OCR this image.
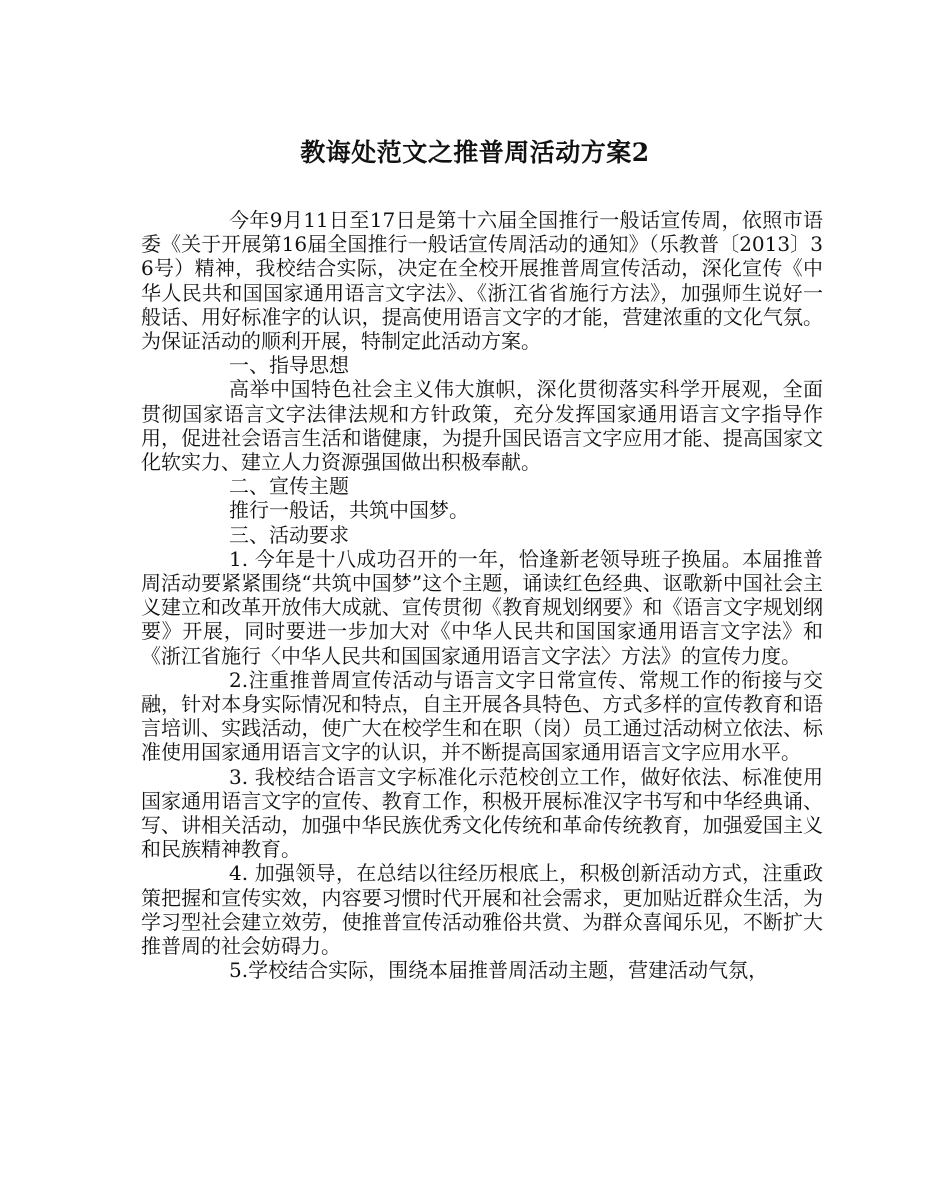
教诲处范文之推普周活动方案2

今年9月11日至17日是第十六届全国推行一般话宣传周，依照市语委《关于开展第16届全国推行一般话宣传周活动的通知》（乐教普〔2013〕36号）精神，我校结合实际，决定在全校开展推普周宣传活动，深化宣传《中华人民共和国国家通用语言文字法》、《浙江省省施行方法》，加强师生说好一般话、用好标准字的认识，提高使用语言文字的才能，营建浓重的文化气氛。为保证活动的顺利开展，特制定此活动方案。

一、指导思想

高举中国特色社会主义伟大旗帜，深化贯彻落实科学开展观，全面贯彻国家语言文字法律法规和方针政策，充分发挥国家通用语言文字指导作用，促进社会语言生活和谐健康，为提升国民语言文字应用才能、提高国家文化软实力、建立人力资源强国做出积极奉献。

二、宣传主题

推行一般话，共筑中国梦。

三、活动要求

1. 今年是十八成功召开的一年，恰逢新老领导班子换届。本届推普周活动要紧紧围绕“共筑中国梦”这个主题，诵读红色经典、讴歌新中国社会主义建立和改革开放伟大成就、宣传贯彻《教育规划纲要》和《语言文字规划纲要》开展，同时要进一步加大对《中华人民共和国国家通用语言文字法》和《浙江省施行〈中华人民共和国国家通用语言文字法〉方法》的宣传力度。

2.注重推普周宣传活动与语言文字日常宣传、常规工作的衔接与交融，针对本身实际情况和特点，自主开展各具特色、方式多样的宣传教育和语言培训、实践活动，使广大在校学生和在职（岗）员工通过活动树立依法、标准使用国家通用语言文字的认识，并不断提高国家通用语言文字应用水平。

3. 我校结合语言文字标准化示范校创立工作，做好依法、标准使用国家通用语言文字的宣传、教育工作，积极开展标准汉字书写和中华经典诵、写、讲相关活动，加强中华民族优秀文化传统和革命传统教育，加强爱国主义和民族精神教育。

4. 加强领导，在总结以往经历根底上，积极创新活动方式，注重政策把握和宣传实效，内容要习惯时代开展和社会需求，更加贴近群众生活，为学习型社会建立效劳，使推普宣传活动雅俗共赏、为群众喜闻乐见，不断扩大推普周的社会妨碍力。

5.学校结合实际，围绕本届推普周活动主题，营建活动气氛，
